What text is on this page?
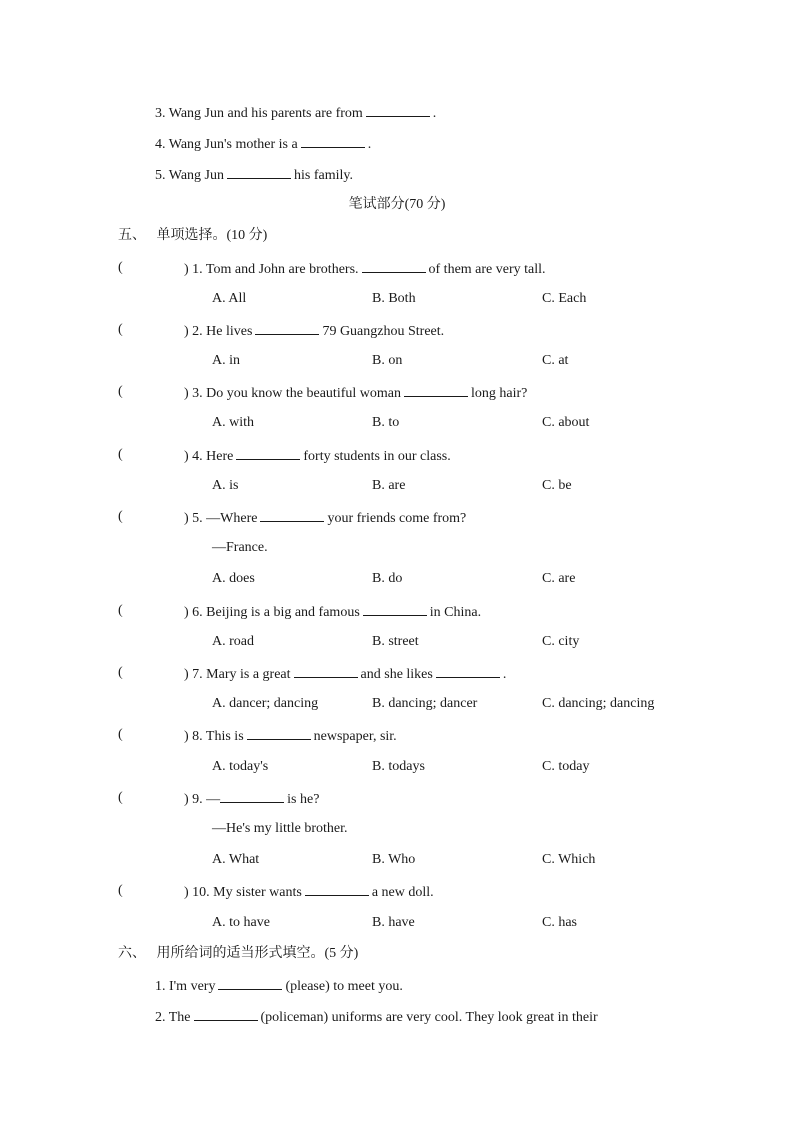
3. Wang Jun and his parents are from	.
4. Wang Jun's mother is a	.
5. Wang Jun	his family.
笔试部分(70 分)
五、 单项选择。(10 分)
(	) 1. Tom and John are brothers.	of them are very tall.
A. All	B. Both	C. Each
(	) 2. He lives	79 Guangzhou Street.
A. in	B. on	C. at
(	) 3. Do you know the beautiful woman	long hair?
A. with	B. to	C. about
(	) 4. Here	forty students in our class.
A. is	B. are	C. be
(	) 5. —Where	your friends come from?
—France.
A. does	B. do	C. are
(	) 6. Beijing is a big and famous	in China.
A. road	B. street	C. city
(	) 7. Mary is a great	and she likes	.
A. dancer; dancing	B. dancing; dancer	C. dancing; dancing
(	) 8. This is	newspaper, sir.
A. today's	B. todays	C. today
(	) 9. —	is he?
—He's my little brother.
A. What	B. Who	C. Which
(	) 10. My sister wants	a new doll.
A. to have	B. have	C. has
六、 用所给词的适当形式填空。(5 分)
1. I'm very	(please) to meet you.
2. The	(policeman) uniforms are very cool. They look great in their
